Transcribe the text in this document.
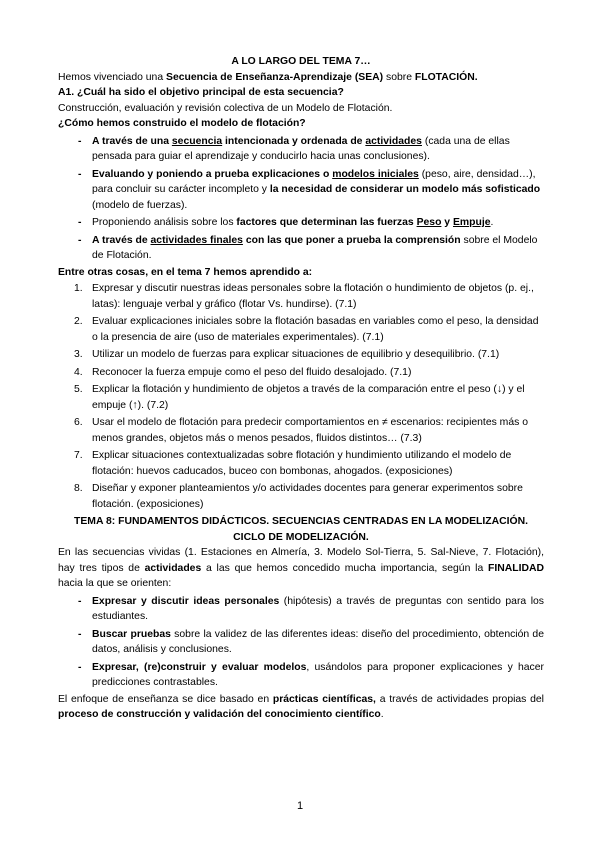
A LO LARGO DEL TEMA 7…

Hemos vivenciado una Secuencia de Enseñanza-Aprendizaje (SEA) sobre FLOTACIÓN.

A1. ¿Cuál ha sido el objetivo principal de esta secuencia?

Construcción, evaluación y revisión colectiva de un Modelo de Flotación.

¿Cómo hemos construido el modelo de flotación?

- A través de una secuencia intencionada y ordenada de actividades (cada una de ellas pensada para guiar el aprendizaje y conducirlo hacia unas conclusiones).
- Evaluando y poniendo a prueba explicaciones o modelos iniciales (peso, aire, densidad…), para concluir su carácter incompleto y la necesidad de considerar un modelo más sofisticado (modelo de fuerzas).
- Proponiendo análisis sobre los factores que determinan las fuerzas Peso y Empuje.
- A través de actividades finales con las que poner a prueba la comprensión sobre el Modelo de Flotación.

Entre otras cosas, en el tema 7 hemos aprendido a:

1. Expresar y discutir nuestras ideas personales sobre la flotación o hundimiento de objetos (p. ej., latas): lenguaje verbal y gráfico (flotar Vs. hundirse). (7.1)
2. Evaluar explicaciones iniciales sobre la flotación basadas en variables como el peso, la densidad o la presencia de aire (uso de materiales experimentales). (7.1)
3. Utilizar un modelo de fuerzas para explicar situaciones de equilibrio y desequilibrio. (7.1)
4. Reconocer la fuerza empuje como el peso del fluido desalojado. (7.1)
5. Explicar la flotación y hundimiento de objetos a través de la comparación entre el peso (↓) y el empuje (↑). (7.2)
6. Usar el modelo de flotación para predecir comportamientos en ≠ escenarios: recipientes más o menos grandes, objetos más o menos pesados, fluidos distintos… (7.3)
7. Explicar situaciones contextualizadas sobre flotación y hundimiento utilizando el modelo de flotación: huevos caducados, buceo con bombonas, ahogados. (exposiciones)
8. Diseñar y exponer planteamientos y/o actividades docentes para generar experimentos sobre flotación. (exposiciones)

TEMA 8: FUNDAMENTOS DIDÁCTICOS. SECUENCIAS CENTRADAS EN LA MODELIZACIÓN. CICLO DE MODELIZACIÓN.

En las secuencias vividas (1. Estaciones en Almería, 3. Modelo Sol-Tierra, 5. Sal-Nieve, 7. Flotación), hay tres tipos de actividades a las que hemos concedido mucha importancia, según la FINALIDAD hacia la que se orienten:

- Expresar y discutir ideas personales (hipótesis) a través de preguntas con sentido para los estudiantes.
- Buscar pruebas sobre la validez de las diferentes ideas: diseño del procedimiento, obtención de datos, análisis y conclusiones.
- Expresar, (re)construir y evaluar modelos, usándolos para proponer explicaciones y hacer predicciones contrastables.

El enfoque de enseñanza se dice basado en prácticas científicas, a través de actividades propias del proceso de construcción y validación del conocimiento científico.

1
